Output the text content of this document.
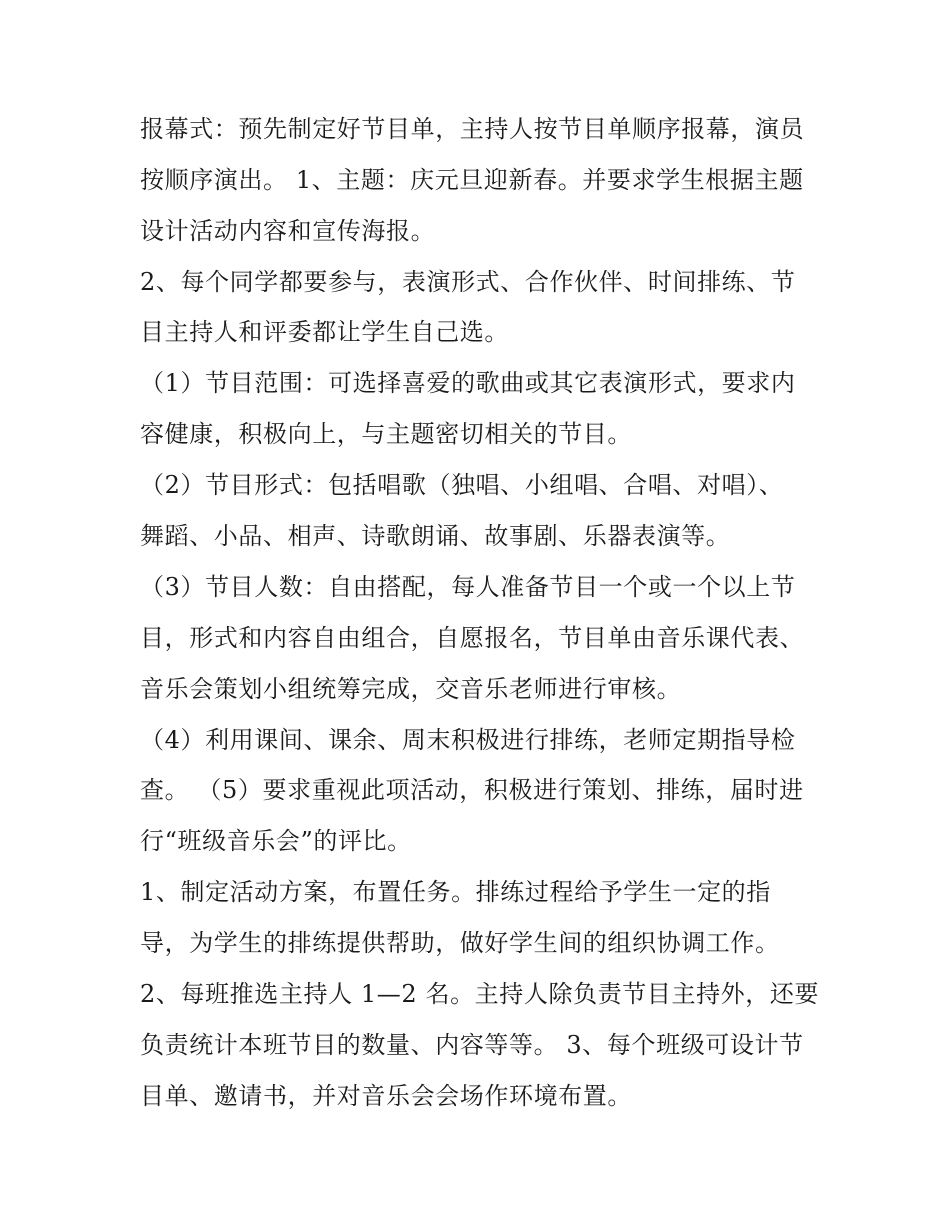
报幕式：预先制定好节目单，主持人按节目单顺序报幕，演员
按顺序演出。 1、主题：庆元旦迎新春。并要求学生根据主题
设计活动内容和宣传海报。
2、每个同学都要参与，表演形式、合作伙伴、时间排练、节
目主持人和评委都让学生自己选。
（1）节目范围：可选择喜爱的歌曲或其它表演形式，要求内
容健康，积极向上，与主题密切相关的节目。
（2）节目形式：包括唱歌（独唱、小组唱、合唱、对唱）、
舞蹈、小品、相声、诗歌朗诵、故事剧、乐器表演等。
（3）节目人数：自由搭配，每人准备节目一个或一个以上节
目，形式和内容自由组合，自愿报名，节目单由音乐课代表、
音乐会策划小组统筹完成，交音乐老师进行审核。
（4）利用课间、课余、周末积极进行排练，老师定期指导检
查。 （5）要求重视此项活动，积极进行策划、排练，届时进
行“班级音乐会”的评比。
1、制定活动方案，布置任务。排练过程给予学生一定的指
导，为学生的排练提供帮助，做好学生间的组织协调工作。
2、每班推选主持人 1—2 名。主持人除负责节目主持外，还要
负责统计本班节目的数量、内容等等。 3、每个班级可设计节
目单、邀请书，并对音乐会会场作环境布置。
